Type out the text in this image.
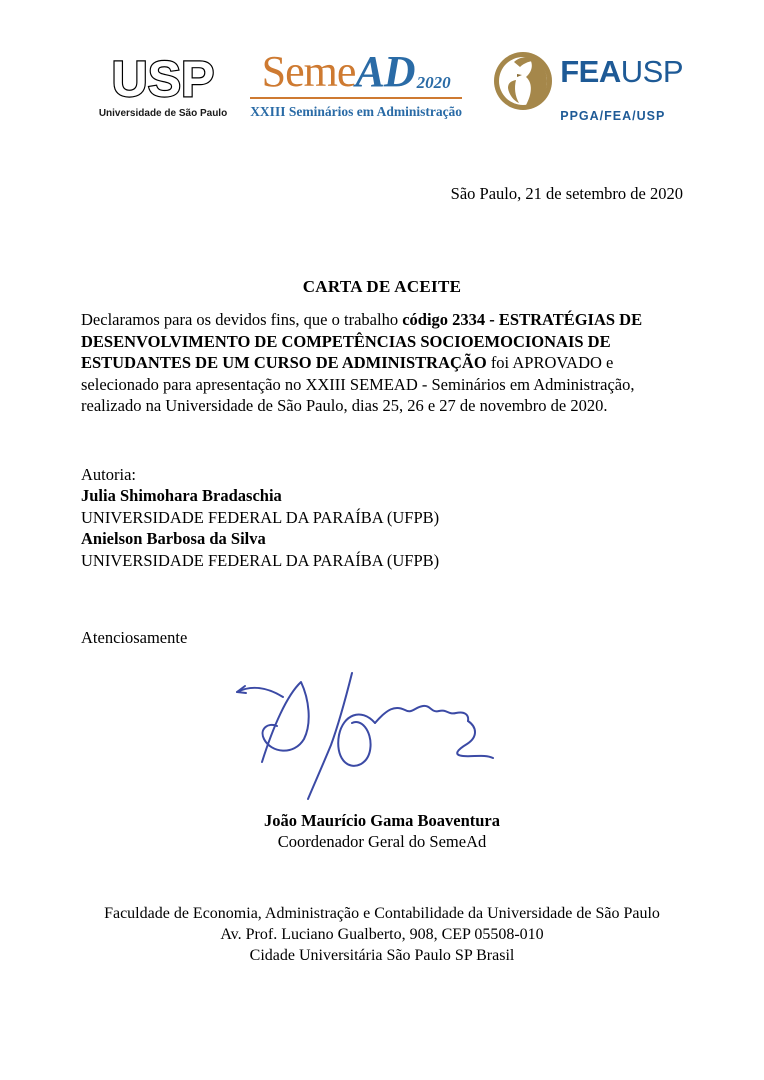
USP
Universidade de São Paulo
Seme AD 2020
XXIII Seminários em Administração
FEAUSP
PPGA/FEA/USP

São Paulo, 21 de setembro de 2020

CARTA DE ACEITE

Declaramos para os devidos fins, que o trabalho código 2334 - ESTRATÉGIAS DE DESENVOLVIMENTO DE COMPETÊNCIAS SOCIOEMOCIONAIS DE ESTUDANTES DE UM CURSO DE ADMINISTRAÇÃO foi APROVADO e selecionado para apresentação no XXIII SEMEAD - Seminários em Administração, realizado na Universidade de São Paulo, dias 25, 26 e 27 de novembro de 2020.

Autoria:
Julia Shimohara Bradaschia
UNIVERSIDADE FEDERAL DA PARAÍBA (UFPB)
Anielson Barbosa da Silva
UNIVERSIDADE FEDERAL DA PARAÍBA (UFPB)

Atenciosamente

João Maurício Gama Boaventura
Coordenador Geral do SemeAd
Faculdade de Economia, Administração e Contabilidade da Universidade de São Paulo
Av. Prof. Luciano Gualberto, 908, CEP 05508-010
Cidade Universitária São Paulo SP Brasil
